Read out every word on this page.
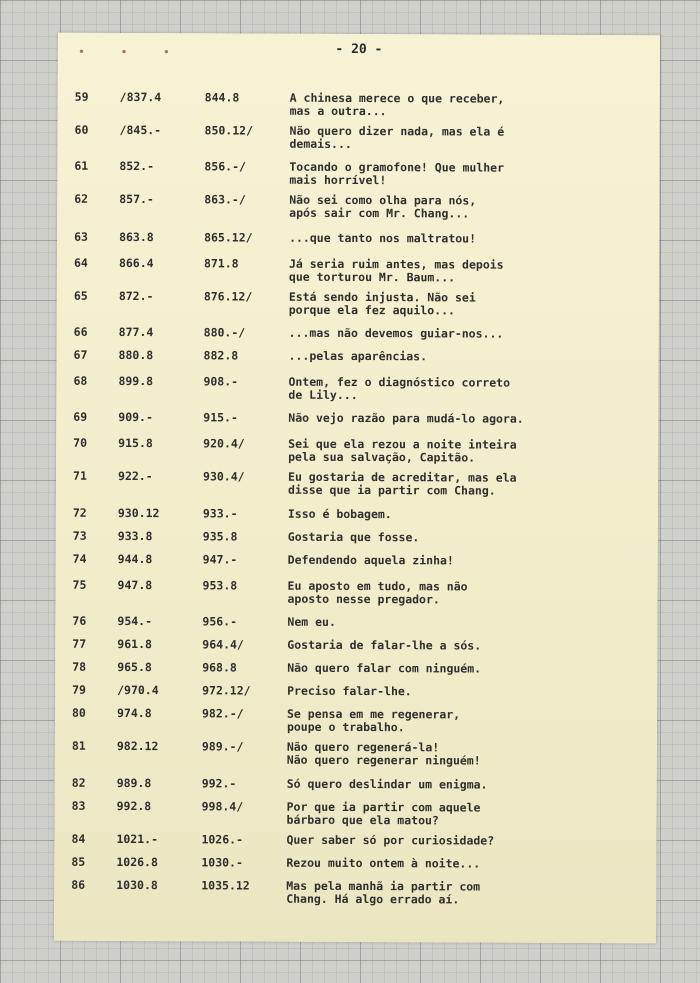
• • •	- 20 -
59	/837.4	844.8	A chinesa merece o que receber,
mas a outra...
60	/845.-	850.12/	Não quero dizer nada, mas ela é
demais...
61	852.-	856.-/	Tocando o gramofone! Que mulher
mais horrível!
62	857.-	863.-/	Não sei como olha para nós,
após sair com Mr. Chang...
63	863.8	865.12/	...que tanto nos maltratou!
64	866.4	871.8	Já seria ruim antes, mas depois
que torturou Mr. Baum...
65	872.-	876.12/	Está sendo injusta. Não sei
porque ela fez aquilo...
66	877.4	880.-/	...mas não devemos guiar-nos...
67	880.8	882.8	...pelas aparências.
68	899.8	908.-	Ontem, fez o diagnóstico correto
de Lily...
69	909.-	915.-	Não vejo razão para mudá-lo agora.
70	915.8	920.4/	Sei que ela rezou a noite inteira
pela sua salvação, Capitão.
71	922.-	930.4/	Eu gostaria de acreditar, mas ela
disse que ia partir com Chang.
72	930.12	933.-	Isso é bobagem.
73	933.8	935.8	Gostaria que fosse.
74	944.8	947.-	Defendendo aquela zinha!
75	947.8	953.8	Eu aposto em tudo, mas não
aposto nesse pregador.
76	954.-	956.-	Nem eu.
77	961.8	964.4/	Gostaria de falar-lhe a sós.
78	965.8	968.8	Não quero falar com ninguém.
79	/970.4	972.12/	Preciso falar-lhe.
80	974.8	982.-/	Se pensa em me regenerar,
poupe o trabalho.
81	982.12	989.-/	Não quero regenerá-la!
Não quero regenerar ninguém!
82	989.8	992.-	Só quero deslindar um enigma.
83	992.8	998.4/	Por que ia partir com aquele
bárbaro que ela matou?
84	1021.-	1026.-	Quer saber só por curiosidade?
85	1026.8	1030.-	Rezou muito ontem à noite...
86	1030.8	1035.12	Mas pela manhã ia partir com
Chang. Há algo errado aí.
